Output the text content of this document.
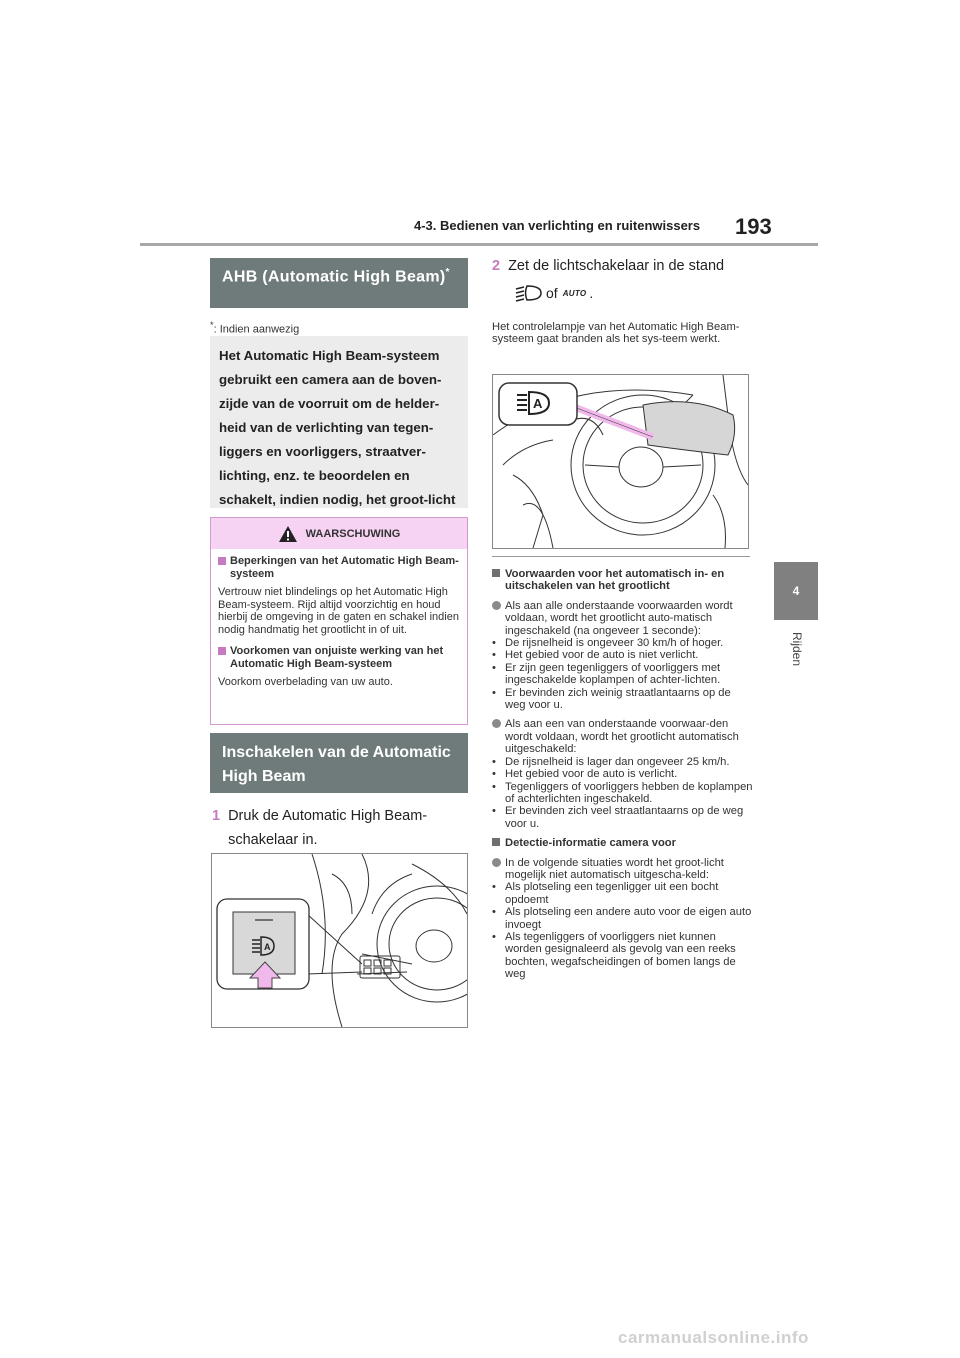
4-3. Bedienen van verlichting en ruitenwissers 193
4
Rijden
AHB (Automatic High Beam)*
*: Indien aanwezig
Het Automatic High Beam-systeem gebruikt een camera aan de boven-zijde van de voorruit om de helder-heid van de verlichting van tegen-liggers en voorliggers, straatver-lichting, enz. te beoordelen en schakelt, indien nodig, het groot-licht
WAARSCHUWING
Beperkingen van het Automatic High Beam-systeem
Vertrouw niet blindelings op het Automatic High Beam-systeem. Rijd altijd voorzichtig en houd hierbij de omgeving in de gaten en schakel indien nodig handmatig het grootlicht in of uit.
Voorkomen van onjuiste werking van het Automatic High Beam-systeem
Voorkom overbelading van uw auto.
Inschakelen van de Automatic High Beam
1 Druk de Automatic High Beam-schakelaar in.
A
2 Zet de lichtschakelaar in de stand
of AUTO .
Het controlelampje van het Automatic High Beam-systeem gaat branden als het sys-teem werkt.
A
Voorwaarden voor het automatisch in- en uitschakelen van het grootlicht
Als aan alle onderstaande voorwaarden wordt voldaan, wordt het grootlicht auto-matisch ingeschakeld (na ongeveer 1 seconde):
• De rijsnelheid is ongeveer 30 km/h of hoger.
• Het gebied voor de auto is niet verlicht.
• Er zijn geen tegenliggers of voorliggers met ingeschakelde koplampen of achter-lichten.
• Er bevinden zich weinig straatlantaarns op de weg voor u.
Als aan een van onderstaande voorwaar-den wordt voldaan, wordt het grootlicht automatisch uitgeschakeld:
• De rijsnelheid is lager dan ongeveer 25 km/h.
• Het gebied voor de auto is verlicht.
• Tegenliggers of voorliggers hebben de koplampen of achterlichten ingeschakeld.
• Er bevinden zich veel straatlantaarns op de weg voor u.
Detectie-informatie camera voor
In de volgende situaties wordt het groot-licht mogelijk niet automatisch uitgescha-keld:
• Als plotseling een tegenligger uit een bocht opdoemt
• Als plotseling een andere auto voor de eigen auto invoegt
• Als tegenliggers of voorliggers niet kunnen worden gesignaleerd als gevolg van een reeks bochten, wegafscheidingen of bomen langs de weg
carmanualsonline.info
